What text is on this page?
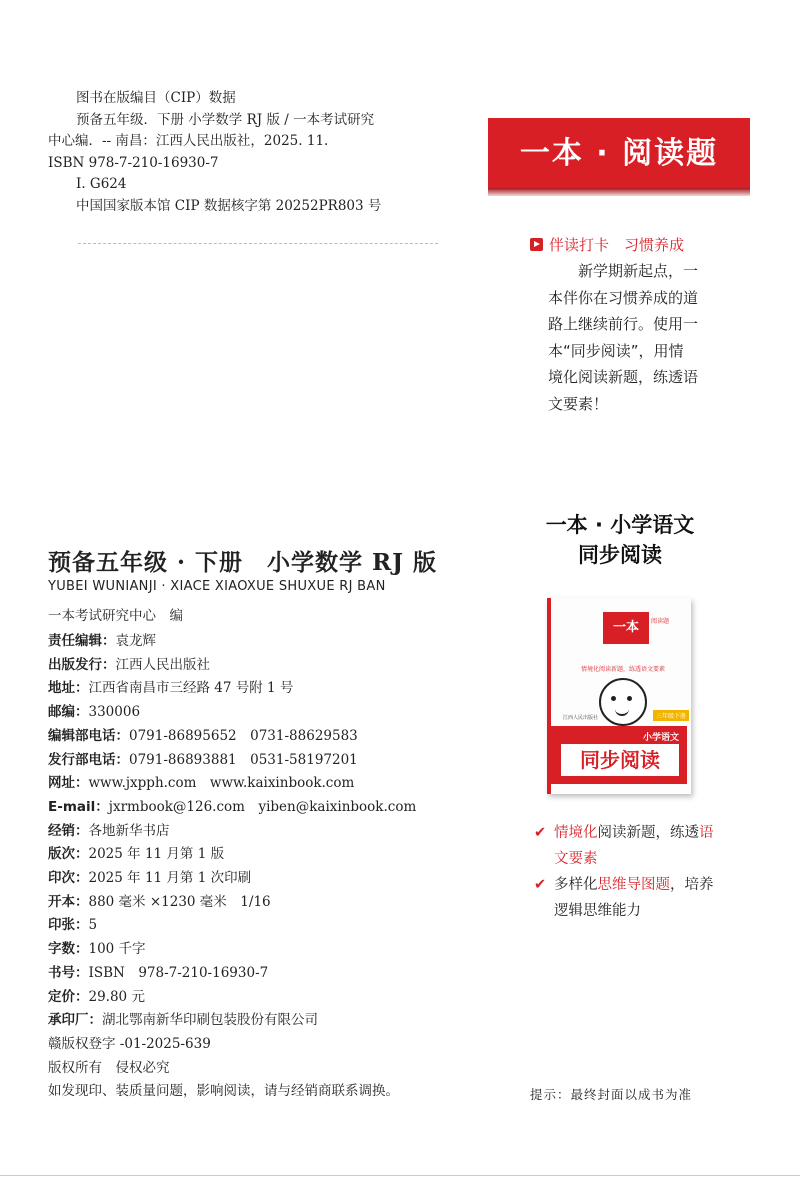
图书在版编目（CIP）数据
预备五年级．下册 小学数学 RJ 版 / 一本考试研究
中心编．-- 南昌：江西人民出版社，2025. 11.
ISBN 978-7-210-16930-7
Ⅰ. G624
中国国家版本馆 CIP 数据核字第 20252PR803 号
一本 · 阅读题
伴读打卡　习惯养成

新学期新起点，一

本伴你在习惯养成的道

路上继续前行。使用一

本“同步阅读”，用情

境化阅读新题，练透语

文要素！

预备五年级 · 下册　小学数学 RJ 版
YUBEI WUNIANJI · XIACE XIAOXUE SHUXUE RJ BAN
一本考试研究中心　编
责任编辑：袁龙辉
出版发行：江西人民出版社
地址：江西省南昌市三经路 47 号附 1 号
邮编：330006
编辑部电话：0791-86895652　0731-88629583
发行部电话：0791-86893881　0531-58197201
网址：www.jxpph.com　www.kaixinbook.com
E-mail：jxrmbook@126.com　yiben@kaixinbook.com
经销：各地新华书店
版次：2025 年 11 月第 1 版
印次：2025 年 11 月第 1 次印刷
开本：880 毫米 ×1230 毫米　1/16
印张：5
字数：100 千字
书号：ISBN　978-7-210-16930-7
定价：29.80 元
承印厂：湖北鄂南新华印刷包装股份有限公司
赣版权登字 -01-2025-639
版权所有　侵权必究
如发现印、装质量问题，影响阅读，请与经销商联系调换。
一本 · 小学语文
同步阅读
一本	阅读题
情境化阅读新题，练透语文要素
江西人民出版社	三年级下册
小学语文
同步阅读
✔ 情境化阅读新题，练透语文要素
✔ 多样化思维导图题，培养逻辑思维能力
提示：最终封面以成书为准
